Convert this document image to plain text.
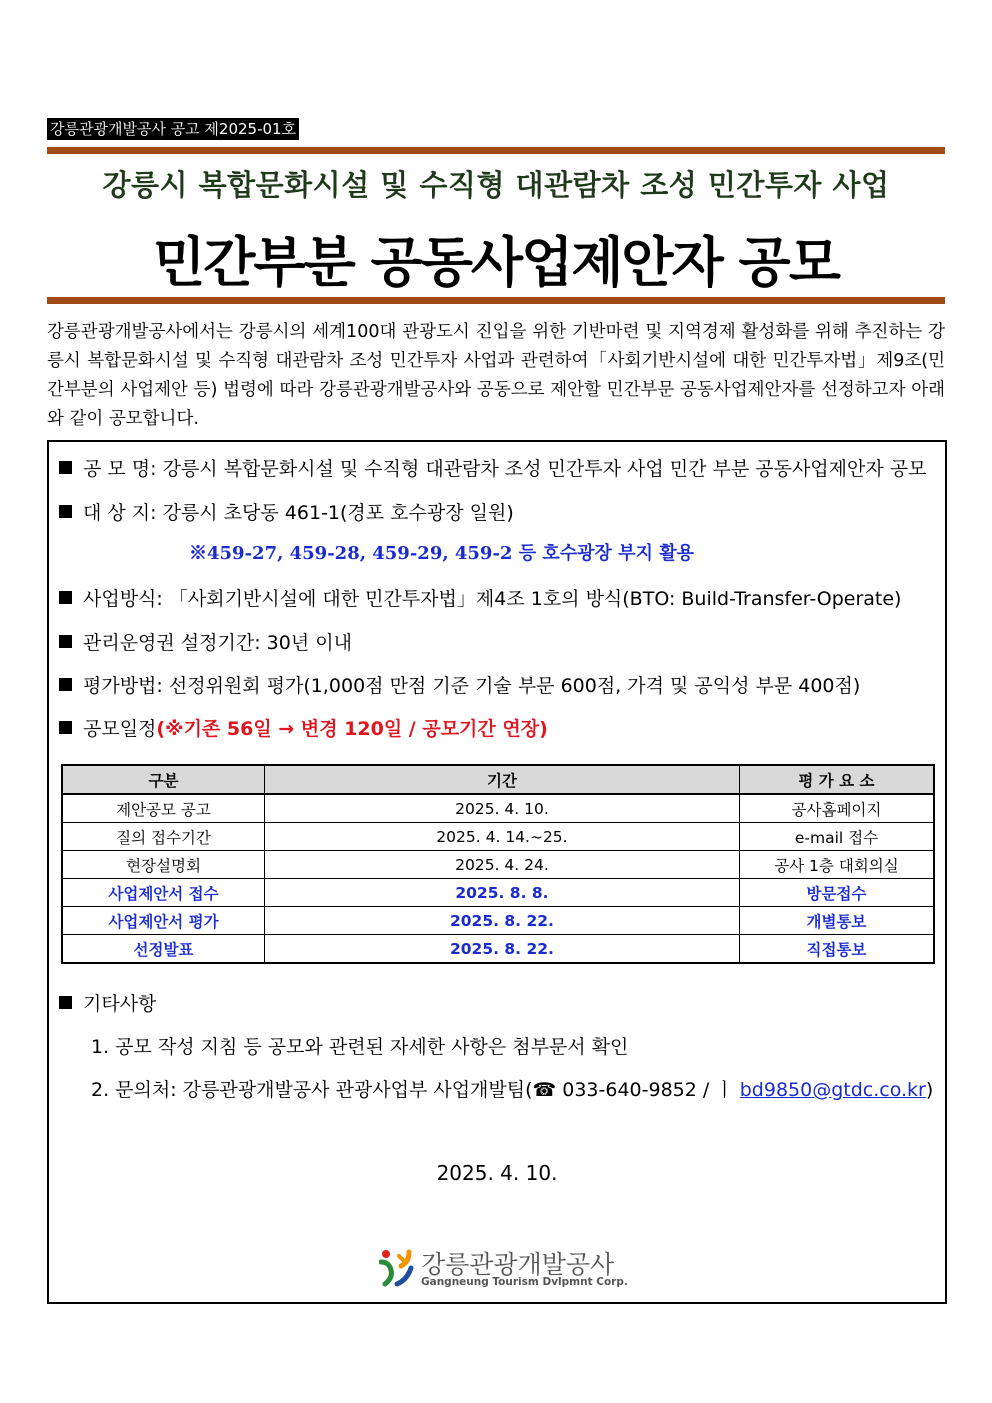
강릉관광개발공사 공고 제2025-01호
강릉시 복합문화시설 및 수직형 대관람차 조성 민간투자 사업
민간부분 공동사업제안자 공모
강릉관광개발공사에서는 강릉시의 세계100대 관광도시 진입을 위한 기반마련 및 지역경제 활성화를 위해 추진하는 강릉시 복합문화시설 및 수직형 대관람차 조성 민간투자 사업과 관련하여「사회기반시설에 대한 민간투자법」제9조(민간부분의 사업제안 등) 법령에 따라 강릉관광개발공사와 공동으로 제안할 민간부문 공동사업제안자를 선정하고자 아래와 같이 공모합니다.
공 모 명: 강릉시 복합문화시설 및 수직형 대관람차 조성 민간투자 사업 민간 부분 공동사업제안자 공모
대 상 지: 강릉시 초당동 461-1(경포 호수광장 일원)
※459-27, 459-28, 459-29, 459-2 등 호수광장 부지 활용
사업방식: 「사회기반시설에 대한 민간투자법」제4조 1호의 방식(BTO: Build-Transfer-Operate)
관리운영권 설정기간: 30년 이내
평가방법: 선정위원회 평가(1,000점 만점 기준 기술 부문 600점, 가격 및 공익성 부문 400점)
공모일정(※기존 56일 → 변경 120일 / 공모기간 연장)
구분	기간	평 가 요 소
제안공모 공고	2025. 4. 10.	공사홈페이지
질의 접수기간	2025. 4. 14.~25.	e-mail 접수
현장설명회	2025. 4. 24.	공사 1층 대회의실
사업제안서 접수	2025. 8. 8.	방문접수
사업제안서 평가	2025. 8. 22.	개별통보
선정발표	2025. 8. 22.	직접통보
기타사항
1. 공모 작성 지침 등 공모와 관련된 자세한 사항은 첨부문서 확인
2. 문의처: 강릉관광개발공사 관광사업부 사업개발팀(☎ 033-640-9852 / ㅣ bd9850@gtdc.co.kr)
2025. 4. 10.
강릉관광개발공사
Gangneung Tourism Dvlpmnt Corp.
